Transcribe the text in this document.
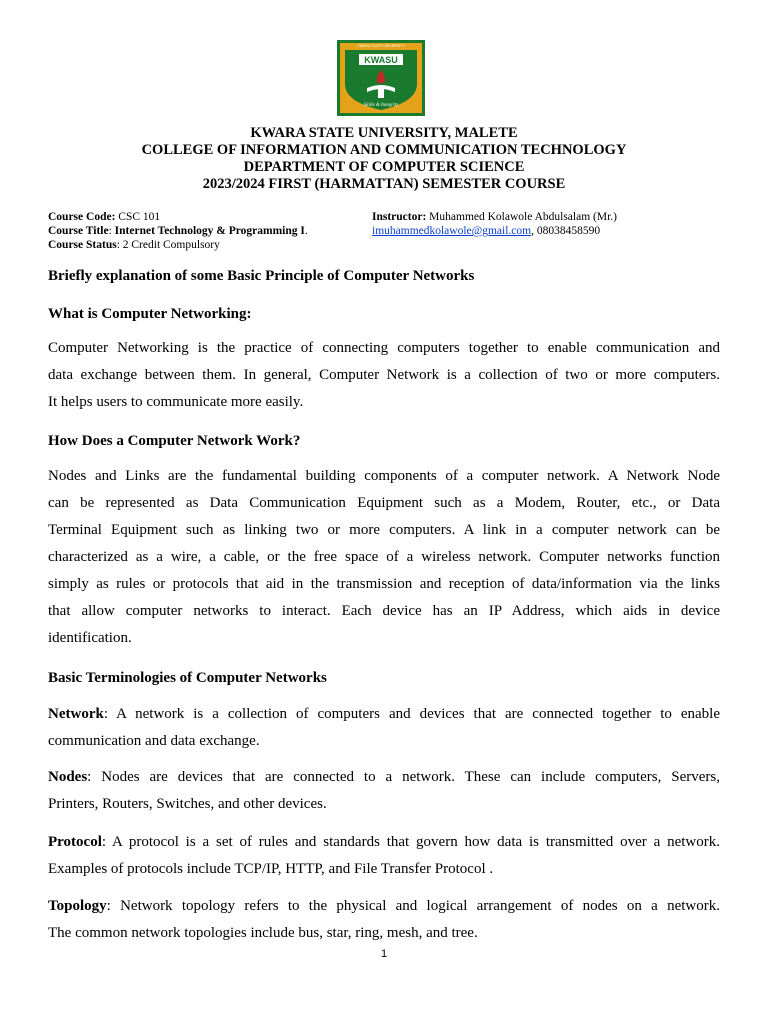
KWASU
KWARA STATE UNIVERSITY
Skills & Integrity
KWARA STATE UNIVERSITY, MALETE
COLLEGE OF INFORMATION AND COMMUNICATION TECHNOLOGY
DEPARTMENT OF COMPUTER SCIENCE
2023/2024 FIRST (HARMATTAN) SEMESTER COURSE
Course Code: CSC 101
Course Title: Internet Technology & Programming I.
Course Status: 2 Credit Compulsory
Instructor: Muhammed Kolawole Abdulsalam (Mr.)
imuhammedkolawole@gmail.com, 08038458590
Briefly explanation of some Basic Principle of Computer Networks
What is Computer Networking:
Computer Networking is the practice of connecting computers together to enable communication and
data exchange between them. In general, Computer Network is a collection of two or more computers.
It helps users to communicate more easily.
How Does a Computer Network Work?
Nodes and Links are the fundamental building components of a computer network. A Network Node
can be represented as Data Communication Equipment such as a Modem, Router, etc., or Data
Terminal Equipment such as linking two or more computers. A link in a computer network can be
characterized as a wire, a cable, or the free space of a wireless network. Computer networks function
simply as rules or protocols that aid in the transmission and reception of data/information via the links
that allow computer networks to interact. Each device has an IP Address, which aids in device
identification.
Basic Terminologies of Computer Networks
Network: A network is a collection of computers and devices that are connected together to enable
communication and data exchange.
Nodes: Nodes are devices that are connected to a network. These can include computers, Servers,
Printers, Routers, Switches, and other devices.
Protocol: A protocol is a set of rules and standards that govern how data is transmitted over a network.
Examples of protocols include TCP/IP, HTTP, and File Transfer Protocol .
Topology: Network topology refers to the physical and logical arrangement of nodes on a network.
The common network topologies include bus, star, ring, mesh, and tree.
1
